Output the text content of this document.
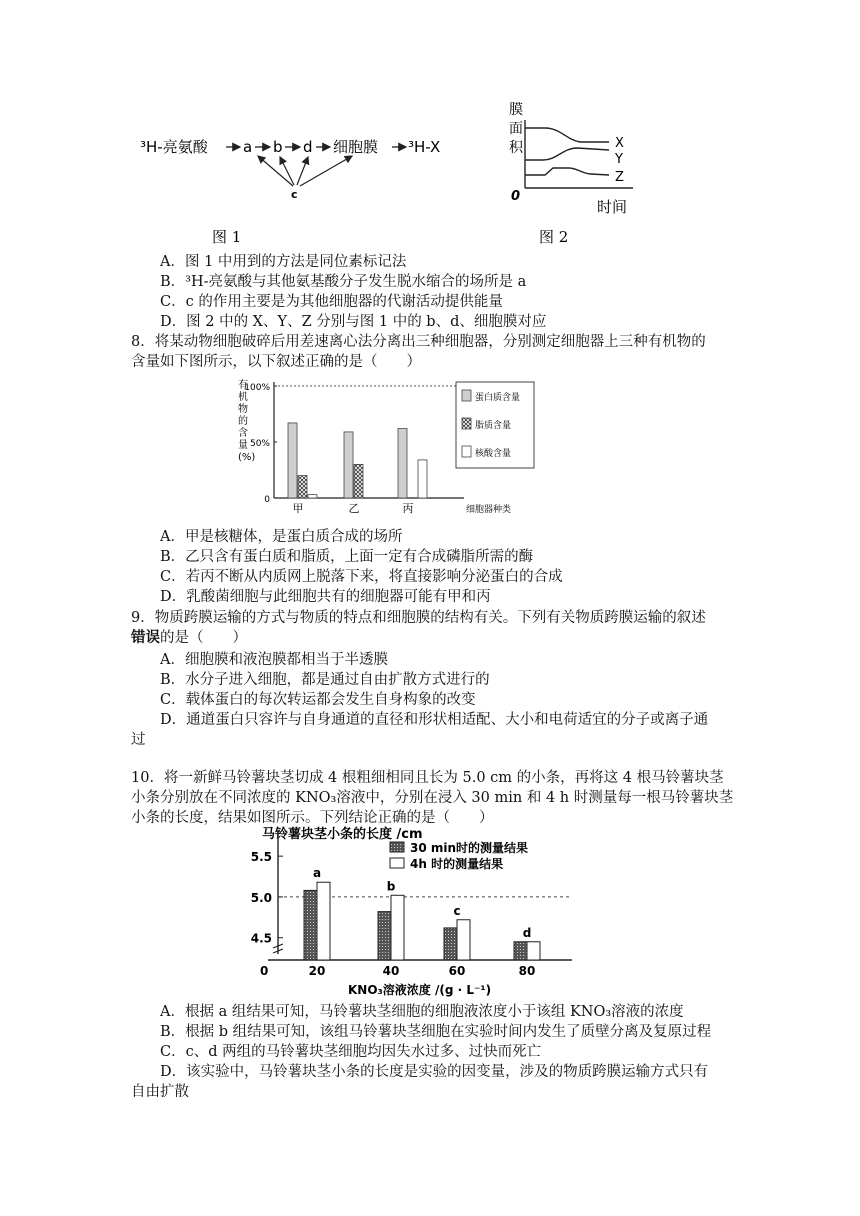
³H-亮氨酸 a b d 细胞膜 ³H-X
c
图 1
膜
面
积
0
时间
X
Y
Z
图 2
A．图 1 中用到的方法是同位素标记法
B．³H-亮氨酸与其他氨基酸分子发生脱水缩合的场所是 a
C．c 的作用主要是为其他细胞器的代谢活动提供能量
D．图 2 中的 X、Y、Z 分别与图 1 中的 b、d、细胞膜对应
8．将某动物细胞破碎后用差速离心法分离出三种细胞器，分别测定细胞器上三种有机物的
含量如下图所示，以下叙述正确的是（　　）
有
机
物
的
含
量
(%)
0
50%
100%
甲	乙	丙	细胞器种类
蛋白质含量
脂质含量
核酸含量
A．甲是核糖体，是蛋白质合成的场所
B．乙只含有蛋白质和脂质，上面一定有合成磷脂所需的酶
C．若丙不断从内质网上脱落下来，将直接影响分泌蛋白的合成
D．乳酸菌细胞与此细胞共有的细胞器可能有甲和丙
9．物质跨膜运输的方式与物质的特点和细胞膜的结构有关。下列有关物质跨膜运输的叙述
错误的是（　　）
A．细胞膜和液泡膜都相当于半透膜
B．水分子进入细胞，都是通过自由扩散方式进行的
C．载体蛋白的每次转运都会发生自身构象的改变
D．通道蛋白只容许与自身通道的直径和形状相适配、大小和电荷适宜的分子或离子通
过
10．将一新鲜马铃薯块茎切成 4 根粗细相同且长为 5.0 cm 的小条，再将这 4 根马铃薯块茎
小条分别放在不同浓度的 KNO₃溶液中，分别在浸入 30 min 和 4 h 时测量每一根马铃薯块茎
小条的长度，结果如图所示。下列结论正确的是（　　）
马铃薯块茎小条的长度 /cm
4.5
5.0
5.5
0
a
20
b
40
c
60
d
80
KNO₃溶液浓度 /(g · L⁻¹)
30 min时的测量结果
4h 时的测量结果
A．根据 a 组结果可知，马铃薯块茎细胞的细胞液浓度小于该组 KNO₃溶液的浓度
B．根据 b 组结果可知，该组马铃薯块茎细胞在实验时间内发生了质壁分离及复原过程
C．c、d 两组的马铃薯块茎细胞均因失水过多、过快而死亡
D．该实验中，马铃薯块茎小条的长度是实验的因变量，涉及的物质跨膜运输方式只有
自由扩散
